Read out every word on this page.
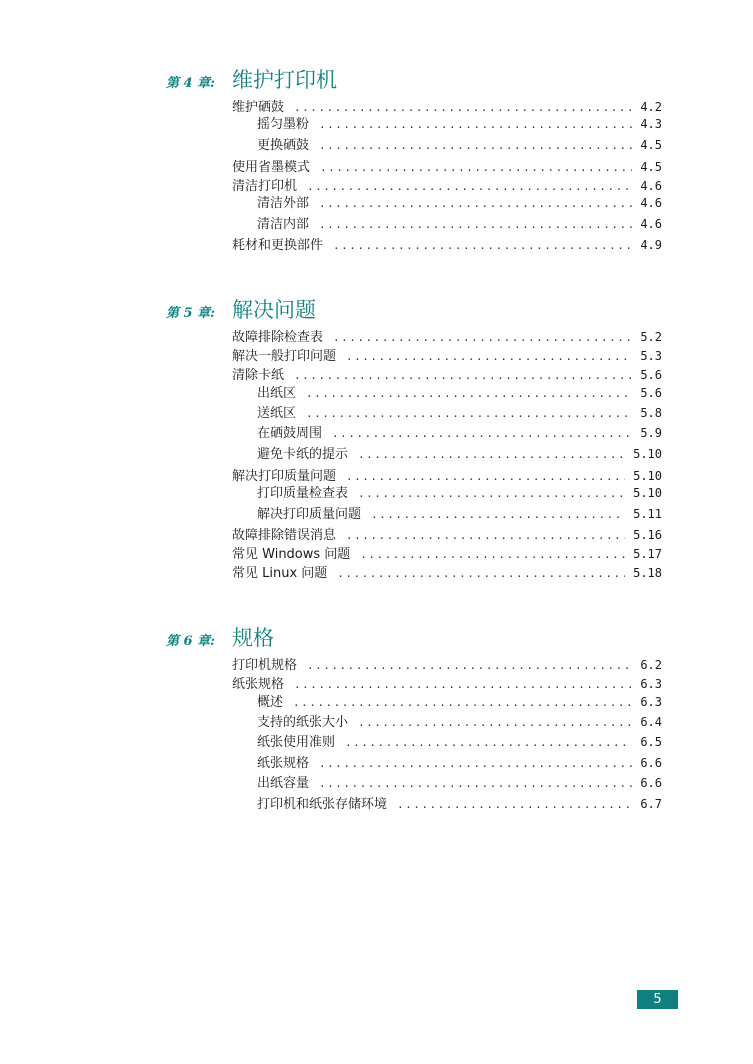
第 4 章: 维护打印机
维护硒鼓 .....	4.2
摇匀墨粉 .....	4.3
更换硒鼓 .....	4.5
使用省墨模式 .....	4.5
清洁打印机 .....	4.6
清洁外部 .....	4.6
清洁内部 .....	4.6
耗材和更换部件 .....	4.9
第 5 章: 解决问题
故障排除检查表 .....	5.2
解决一般打印问题 .....	5.3
清除卡纸 .....	5.6
出纸区 .....	5.6
送纸区 .....	5.8
在硒鼓周围 .....	5.9
避免卡纸的提示 .....	5.10
解决打印质量问题 .....	5.10
打印质量检查表 .....	5.10
解决打印质量问题 .....	5.11
故障排除错误消息 .....	5.16
常见 Windows 问题 .....	5.17
常见 Linux 问题 .....	5.18
第 6 章: 规格
打印机规格 .....	6.2
纸张规格 .....	6.3
概述 .....	6.3
支持的纸张大小 .....	6.4
纸张使用准则 .....	6.5
纸张规格 .....	6.6
出纸容量 .....	6.6
打印机和纸张存储环境 .....	6.7
5
